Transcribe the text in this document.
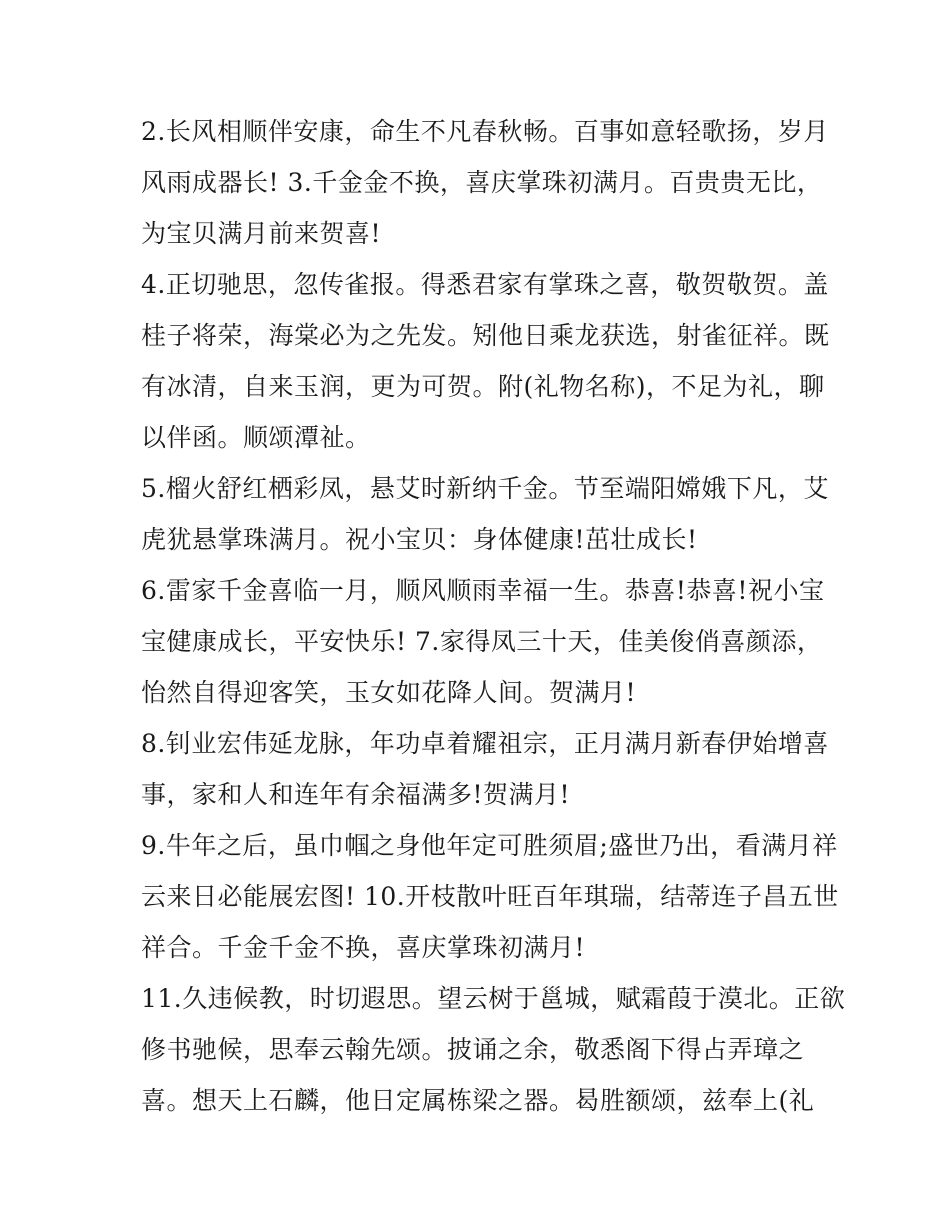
2.长风相顺伴安康，命生不凡春秋畅。百事如意轻歌扬，岁月
风雨成器长! 3.千金金不换，喜庆掌珠初满月。百贵贵无比，
为宝贝满月前来贺喜!
4.正切驰思，忽传雀报。得悉君家有掌珠之喜，敬贺敬贺。盖
桂子将荣，海棠必为之先发。矧他日乘龙获选，射雀征祥。既
有冰清，自来玉润，更为可贺。附(礼物名称)，不足为礼，聊
以伴函。顺颂潭祉。
5.榴火舒红栖彩凤，悬艾时新纳千金。节至端阳嫦娥下凡，艾
虎犹悬掌珠满月。祝小宝贝：身体健康!茁壮成长!
6.雷家千金喜临一月，顺风顺雨幸福一生。恭喜!恭喜!祝小宝
宝健康成长，平安快乐! 7.家得凤三十天，佳美俊俏喜颜添，
怡然自得迎客笑，玉女如花降人间。贺满月!
8.钊业宏伟延龙脉，年功卓着耀祖宗，正月满月新春伊始增喜
事，家和人和连年有余福满多!贺满月!
9.牛年之后，虽巾帼之身他年定可胜须眉;盛世乃出，看满月祥
云来日必能展宏图! 10.开枝散叶旺百年琪瑞，结蒂连子昌五世
祥合。千金千金不换，喜庆掌珠初满月!
11.久违候教，时切遐思。望云树于邕城，赋霜葭于漠北。正欲
修书驰候，思奉云翰先颂。披诵之余，敬悉阁下得占弄璋之
喜。想天上石麟，他日定属栋梁之器。曷胜额颂，兹奉上(礼
